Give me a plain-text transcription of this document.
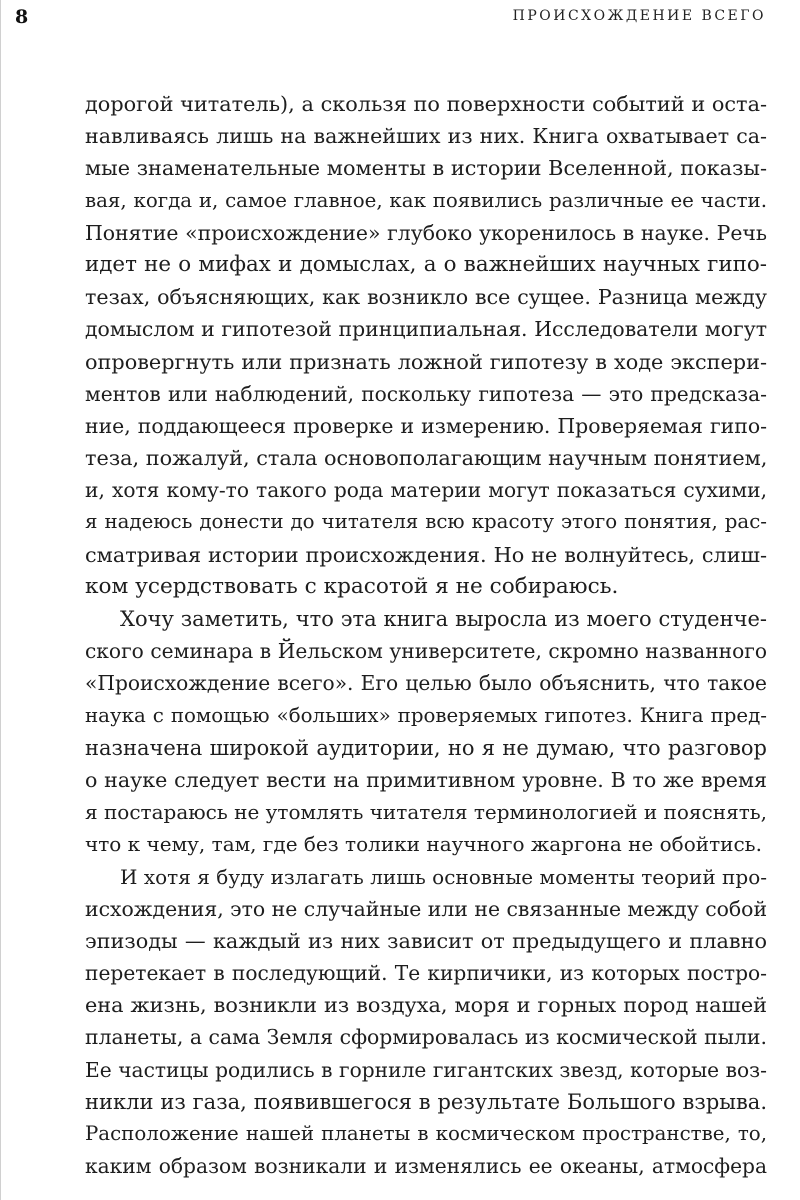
8	ПРОИСХОЖДЕНИЕ ВСЕГО
дорогой читатель), а скользя по поверхности событий и оста-
навливаясь лишь на важнейших из них. Книга охватывает са-
мые знаменательные моменты в истории Вселенной, показы-
вая, когда и, самое главное, как появились различные ее части.
Понятие «происхождение» глубоко укоренилось в науке. Речь
идет не о мифах и домыслах, а о важнейших научных гипо-
тезах, объясняющих, как возникло все сущее. Разница между
домыслом и гипотезой принципиальная. Исследователи могут
опровергнуть или признать ложной гипотезу в ходе экспери-
ментов или наблюдений, поскольку гипотеза — это предсказа-
ние, поддающееся проверке и измерению. Проверяемая гипо-
теза, пожалуй, стала основополагающим научным понятием,
и, хотя кому-то такого рода материи могут показаться сухими,
я надеюсь донести до читателя всю красоту этого понятия, рас-
сматривая истории происхождения. Но не волнуйтесь, слиш-
ком усердствовать с красотой я не собираюсь.
Хочу заметить, что эта книга выросла из моего студенче-
ского семинара в Йельском университете, скромно названного
«Происхождение всего». Его целью было объяснить, что такое
наука с помощью «больших» проверяемых гипотез. Книга пред-
назначена широкой аудитории, но я не думаю, что разговор
о науке следует вести на примитивном уровне. В то же время
я постараюсь не утомлять читателя терминологией и пояснять,
что к чему, там, где без толики научного жаргона не обойтись.
И хотя я буду излагать лишь основные моменты теорий про-
исхождения, это не случайные или не связанные между собой
эпизоды — каждый из них зависит от предыдущего и плавно
перетекает в последующий. Те кирпичики, из которых постро-
ена жизнь, возникли из воздуха, моря и горных пород нашей
планеты, а сама Земля сформировалась из космической пыли.
Ее частицы родились в горниле гигантских звезд, которые воз-
никли из газа, появившегося в результате Большого взрыва.
Расположение нашей планеты в космическом пространстве, то,
каким образом возникали и изменялись ее океаны, атмосфера
